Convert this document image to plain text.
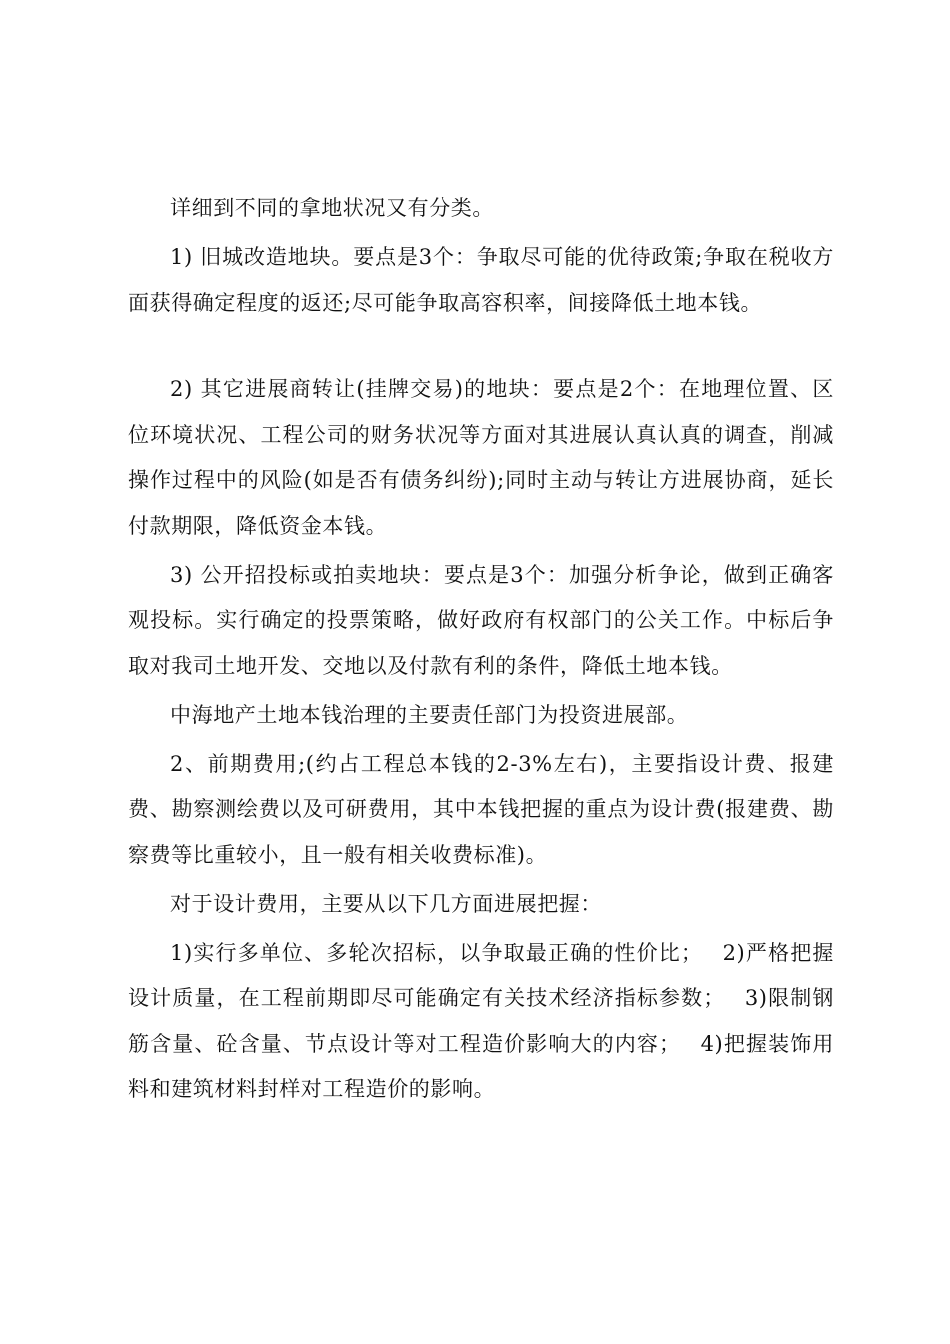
详细到不同的拿地状况又有分类。

1) 旧城改造地块。要点是3个：争取尽可能的优待政策;争取在税收方面获得确定程度的返还;尽可能争取高容积率，间接降低土地本钱。

2) 其它进展商转让(挂牌交易)的地块：要点是2个：在地理位置、区位环境状况、工程公司的财务状况等方面对其进展认真认真的调查，削减操作过程中的风险(如是否有债务纠纷);同时主动与转让方进展协商，延长付款期限，降低资金本钱。

3) 公开招投标或拍卖地块：要点是3个：加强分析争论，做到正确客观投标。实行确定的投票策略，做好政府有权部门的公关工作。中标后争取对我司土地开发、交地以及付款有利的条件，降低土地本钱。

中海地产土地本钱治理的主要责任部门为投资进展部。

2、前期费用;(约占工程总本钱的2-3%左右)，主要指设计费、报建费、勘察测绘费以及可研费用，其中本钱把握的重点为设计费(报建费、勘察费等比重较小，且一般有相关收费标准)。

对于设计费用，主要从以下几方面进展把握：

1)实行多单位、多轮次招标，以争取最正确的性价比；　 2)严格把握设计质量，在工程前期即尽可能确定有关技术经济指标参数；　 3)限制钢筋含量、砼含量、节点设计等对工程造价影响大的内容；　 4)把握装饰用料和建筑材料封样对工程造价的影响。
